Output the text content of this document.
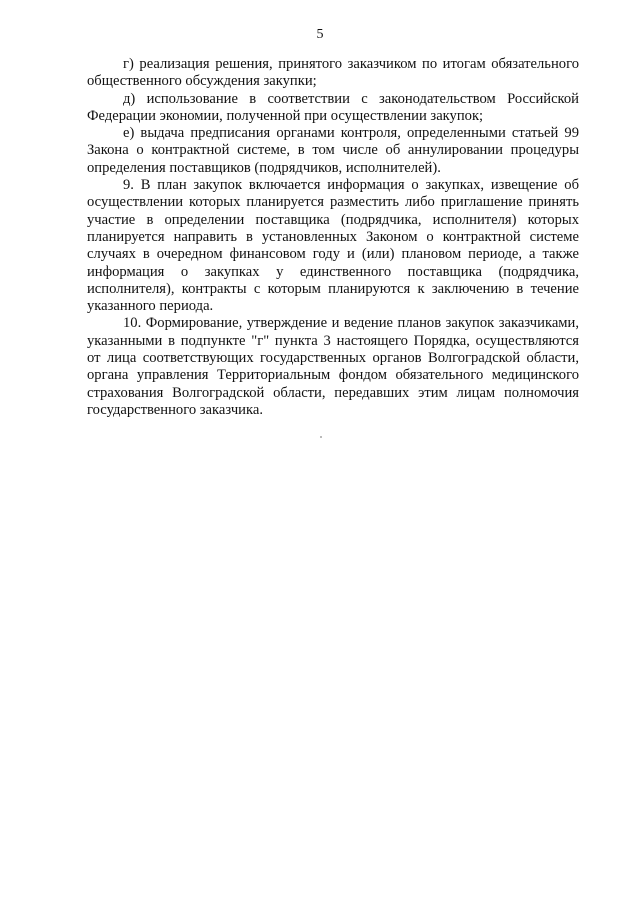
5

г) реализация решения, принятого заказчиком по итогам обязательного общественного обсуждения закупки;

д) использование в соответствии с законодательством Российской Федерации экономии, полученной при осуществлении закупок;

е) выдача предписания органами контроля, определенными статьей 99 Закона о контрактной системе, в том числе об аннулировании процедуры определения поставщиков (подрядчиков, исполнителей).

9. В план закупок включается информация о закупках, извещение об осуществлении которых планируется разместить либо приглашение принять участие в определении поставщика (подрядчика, исполнителя) которых планируется направить в установленных Законом о контрактной системе случаях в очередном финансовом году и (или) плановом периоде, а также информация о закупках у единственного поставщика (подрядчика, исполнителя), контракты с которым планируются к заключению в течение указанного периода.

10. Формирование, утверждение и ведение планов закупок заказчиками, указанными в подпункте "г" пункта 3 настоящего Порядка, осуществляются от лица соответствующих государственных органов Волгоградской области, органа управления Территориальным фондом обязательного медицинского страхования Волгоградской области, передавших этим лицам полномочия государственного заказчика.
